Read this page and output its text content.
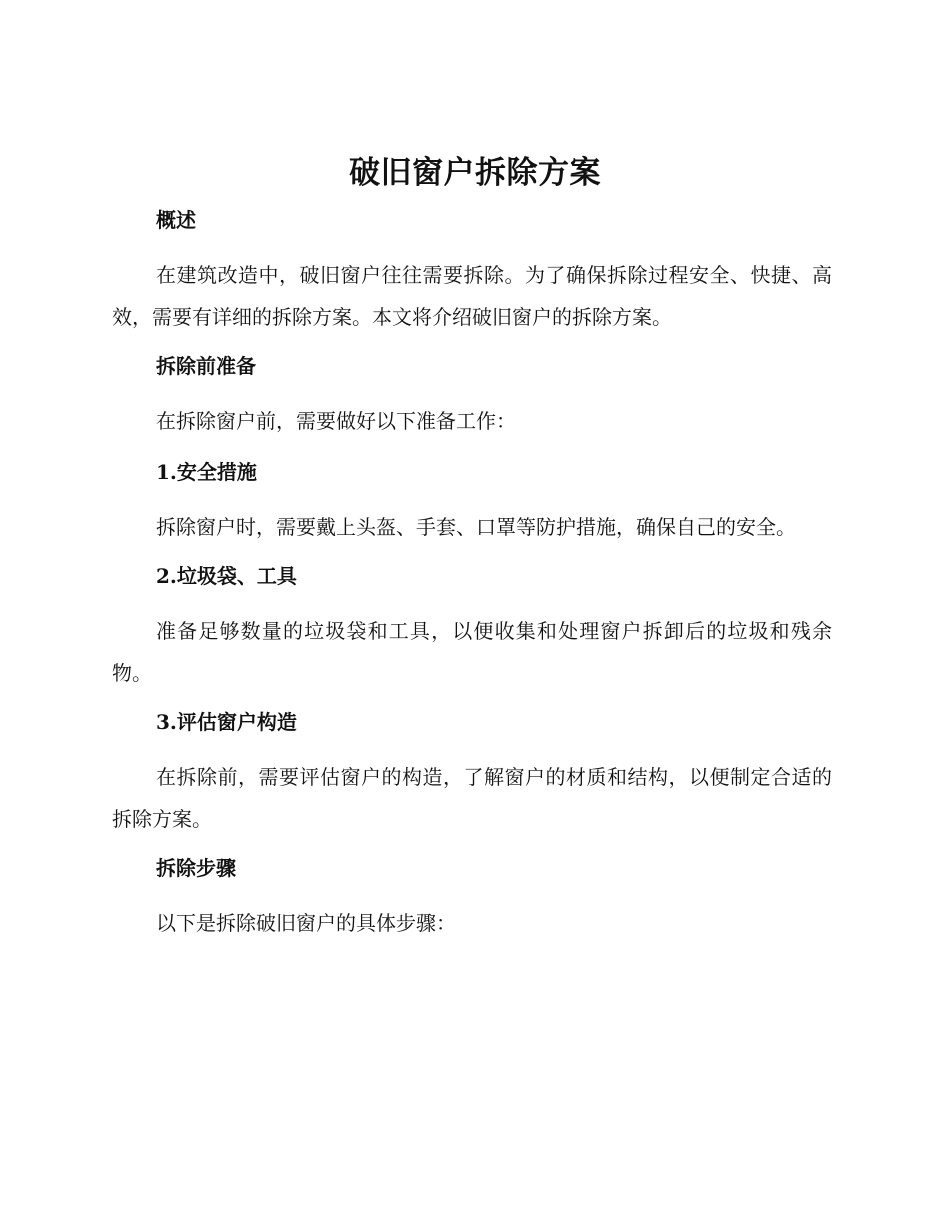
破旧窗户拆除方案

概述

在建筑改造中，破旧窗户往往需要拆除。为了确保拆除过程安全、快捷、高效，需要有详细的拆除方案。本文将介绍破旧窗户的拆除方案。

拆除前准备

在拆除窗户前，需要做好以下准备工作：

1.安全措施

拆除窗户时，需要戴上头盔、手套、口罩等防护措施，确保自己的安全。

2.垃圾袋、工具

准备足够数量的垃圾袋和工具，以便收集和处理窗户拆卸后的垃圾和残余物。

3.评估窗户构造

在拆除前，需要评估窗户的构造，了解窗户的材质和结构，以便制定合适的拆除方案。

拆除步骤

以下是拆除破旧窗户的具体步骤：
